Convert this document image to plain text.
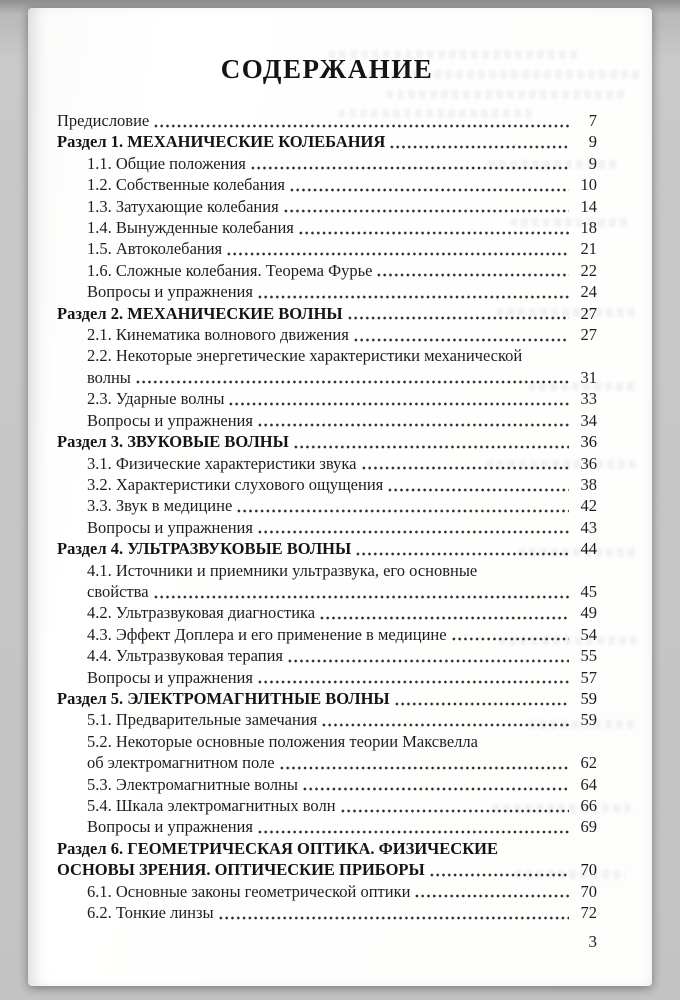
СОДЕРЖАНИЕ
Предисловие	7
Раздел 1. МЕХАНИЧЕСКИЕ КОЛЕБАНИЯ	9
1.1. Общие положения	9
1.2. Собственные колебания	10
1.3. Затухающие колебания	14
1.4. Вынужденные колебания	18
1.5. Автоколебания	21
1.6. Сложные колебания. Теорема Фурье	22
Вопросы и упражнения	24
Раздел 2. МЕХАНИЧЕСКИЕ ВОЛНЫ	27
2.1. Кинематика волнового движения	27
2.2. Некоторые энергетические характеристики механической
волны	31
2.3. Ударные волны	33
Вопросы и упражнения	34
Раздел 3. ЗВУКОВЫЕ ВОЛНЫ	36
3.1. Физические характеристики звука	36
3.2. Характеристики слухового ощущения	38
3.3. Звук в медицине	42
Вопросы и упражнения	43
Раздел 4. УЛЬТРАЗВУКОВЫЕ ВОЛНЫ	44
4.1. Источники и приемники ультразвука, его основные
свойства	45
4.2. Ультразвуковая диагностика	49
4.3. Эффект Доплера и его применение в медицине	54
4.4. Ультразвуковая терапия	55
Вопросы и упражнения	57
Раздел 5. ЭЛЕКТРОМАГНИТНЫЕ ВОЛНЫ	59
5.1. Предварительные замечания	59
5.2. Некоторые основные положения теории Максвелла
об электромагнитном поле	62
5.3. Электромагнитные волны	64
5.4. Шкала электромагнитных волн	66
Вопросы и упражнения	69
Раздел 6. ГЕОМЕТРИЧЕСКАЯ ОПТИКА. ФИЗИЧЕСКИЕ
ОСНОВЫ ЗРЕНИЯ. ОПТИЧЕСКИЕ ПРИБОРЫ	70
6.1. Основные законы геометрической оптики	70
6.2. Тонкие линзы	72
3
